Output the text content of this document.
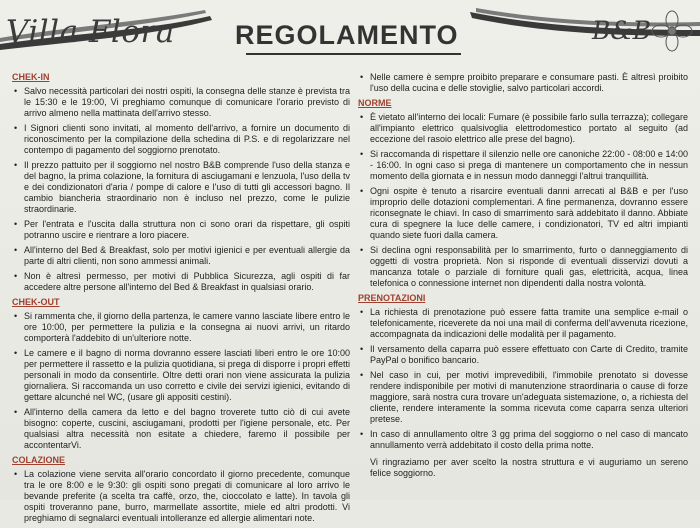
Villa Flora REGOLAMENTO	B&B
CHEK-IN
• Salvo necessità particolari dei nostri ospiti, la consegna delle stanze è prevista tra le 15:30 e le 19:00, Vi preghiamo comunque di comunicare l'orario previsto di arrivo almeno nella mattinata dell'arrivo stesso.
• I Signori clienti sono invitati, al momento dell'arrivo, a fornire un documento di riconoscimento per la compilazione della schedina di P.S. e di regolarizzare nel contempo di pagamento del soggiorno prenotato.
• Il prezzo pattuito per il soggiorno nel nostro B&B comprende l'uso della stanza e del bagno, la prima colazione, la fornitura di asciugamani e lenzuola, l'uso della tv e dei condizionatori d'aria / pompe di calore e l'uso di tutti gli accessori bagno. Il cambio biancheria straordinario non è incluso nel prezzo, come le pulizie straordinarie.
• Per l'entrata e l'uscita dalla struttura non ci sono orari da rispettare, gli ospiti potranno uscire e rientrare a loro piacere.
• All'interno del Bed & Breakfast, solo per motivi igienici e per eventuali allergie da parte di altri clienti, non sono ammessi animali.
• Non è altresì permesso, per motivi di Pubblica Sicurezza, agli ospiti di far accedere altre persone all'interno del Bed & Breakfast in qualsiasi orario.
CHEK-OUT
• Si rammenta che, il giorno della partenza, le camere vanno lasciate libere entro le ore 10:00, per permettere la pulizia e la consegna ai nuovi arrivi, un ritardo comporterà l'addebito di un'ulteriore notte.
• Le camere e il bagno di norma dovranno essere lasciati liberi entro le ore 10:00 per permettere il rassetto e la pulizia quotidiana, si prega di disporre i propri effetti personali in modo da consentirle. Oltre detti orari non viene assicurata la pulizia giornaliera. Si raccomanda un uso corretto e civile dei servizi igienici, evitando di gettare alcunché nel WC, (usare gli appositi cestini).
• All'interno della camera da letto e del bagno troverete tutto ciò di cui avete bisogno: coperte, cuscini, asciugamani, prodotti per l'igiene personale, etc. Per qualsiasi altra necessità non esitate a chiedere, faremo il possibile per accontentarVi.
COLAZIONE
• La colazione viene servita all'orario concordato il giorno precedente, comunque tra le ore 8:00 e le 9:30: gli ospiti sono pregati di comunicare al loro arrivo le bevande preferite (a scelta tra caffè, orzo, the, cioccolato e latte). In tavola gli ospiti troveranno pane, burro, marmellate assortite, miele ed altri prodotti. Vi preghiamo di segnalarci eventuali intolleranze ed allergie alimentari note.
• Nelle camere è sempre proibito preparare e consumare pasti. È altresì proibito l'uso della cucina e delle stoviglie, salvo particolari accordi.
NORME
• È vietato all'interno dei locali: Fumare (è possibile farlo sulla terrazza); collegare all'impianto elettrico qualsivoglia elettrodomestico portato al seguito (ad eccezione del rasoio elettrico alle prese del bagno).
• Si raccomanda di rispettare il silenzio nelle ore canoniche 22:00 - 08:00 e 14:00 - 16:00. In ogni caso si prega di mantenere un comportamento che in nessun momento della giornata e in nessun modo danneggi l'altrui tranquillità.
• Ogni ospite è tenuto a risarcire eventuali danni arrecati al B&B e per l'uso improprio delle dotazioni complementari. A fine permanenza, dovranno essere riconsegnate le chiavi. In caso di smarrimento sarà addebitato il danno. Abbiate cura di spegnere la luce delle camere, i condizionatori, TV ed altri impianti quando siete fuori dalla camera.
• Si declina ogni responsabilità per lo smarrimento, furto o danneggiamento di oggetti di vostra proprietà. Non si risponde di eventuali disservizi dovuti a mancanza totale o parziale di forniture quali gas, elettricità, acqua, linea telefonica o connessione internet non dipendenti dalla nostra volontà.
PRENOTAZIONI
• La richiesta di prenotazione può essere fatta tramite una semplice e-mail o telefonicamente, riceverete da noi una mail di conferma dell'avvenuta ricezione, accompagnata da indicazioni delle modalità per il pagamento.
• Il versamento della caparra può essere effettuato con Carte di Credito, tramite PayPal o bonifico bancario.
• Nel caso in cui, per motivi imprevedibili, l'immobile prenotato si dovesse rendere indisponibile per motivi di manutenzione straordinaria o cause di forze maggiore, sarà nostra cura trovare un'adeguata sistemazione, o, a richiesta del cliente, rendere interamente la somma ricevuta come caparra senza ulteriori pretese.
• In caso di annullamento oltre 3 gg prima del soggiorno o nel caso di mancato annullamento verrà addebitato il costo della prima notte.
Vi ringraziamo per aver scelto la nostra struttura e vi auguriamo un sereno felice soggiorno.
